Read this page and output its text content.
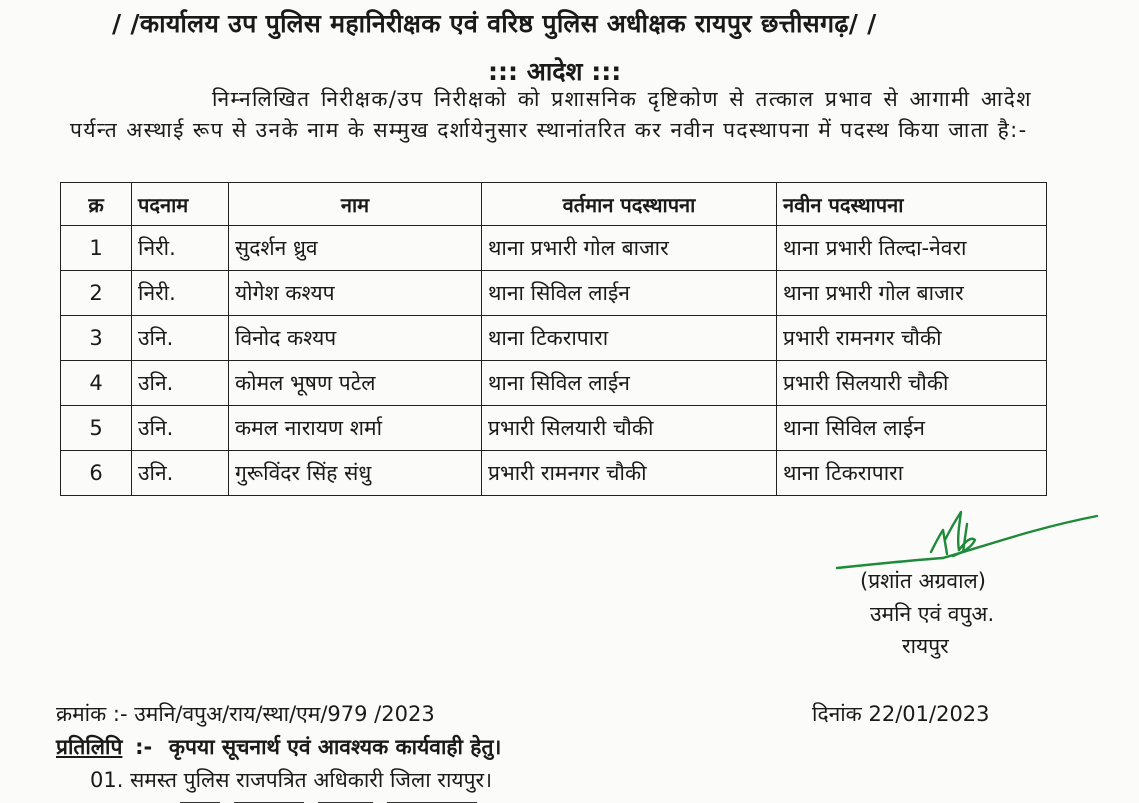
/ /कार्यालय उप पुलिस महानिरीक्षक एवं वरिष्ठ पुलिस अधीक्षक रायपुर छत्तीसगढ़/ /
::: आदेश :::
निम्नलिखित निरीक्षक/उप निरीक्षको को प्रशासनिक दृष्टिकोण से तत्काल प्रभाव से आगामी आदेश पर्यन्त अस्थाई रूप से उनके नाम के सम्मुख दर्शायेनुसार स्थानांतरित कर नवीन पदस्थापना में पदस्थ किया जाता है:-
क्र	पदनाम	नाम	वर्तमान पदस्थापना	नवीन पदस्थापना
1	निरी.	सुदर्शन ध्रुव	थाना प्रभारी गोल बाजार	थाना प्रभारी तिल्दा-नेवरा
2	निरी.	योगेश कश्यप	थाना सिविल लाईन	थाना प्रभारी गोल बाजार
3	उनि.	विनोद कश्यप	थाना टिकरापारा	प्रभारी रामनगर चौकी
4	उनि.	कोमल भूषण पटेल	थाना सिविल लाईन	प्रभारी सिलयारी चौकी
5	उनि.	कमल नारायण शर्मा	प्रभारी सिलयारी चौकी	थाना सिविल लाईन
6	उनि.	गुरूविंदर सिंह संधु	प्रभारी रामनगर चौकी	थाना टिकरापारा
(प्रशांत अग्रवाल)
उमनि एवं वपुअ.
रायपुर
क्रमांक :- उमनि/वपुअ/राय/स्था/एम/979 /2023	दिनांक 22/01/2023
प्रतिलिपि :- कृपया सूचनार्थ एवं आवश्यक कार्यवाही हेतु।
01. समस्त पुलिस राजपत्रित अधिकारी जिला रायपुर।
